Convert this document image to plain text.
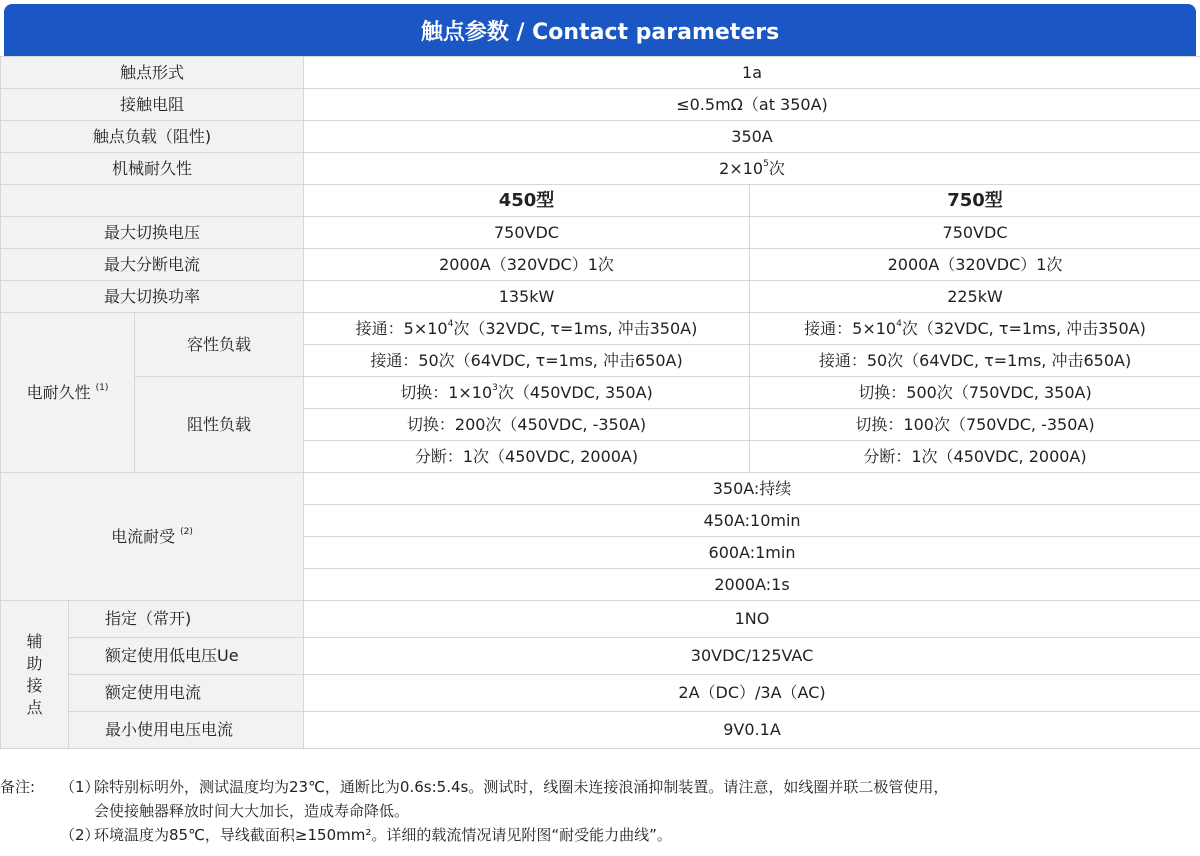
触点参数 / Contact parameters
触点形式			1a	
接触电阻			≤0.5mΩ（at 350A)	
触点负载（阻性)			350A	
机械耐久性			$2\times 10^5$次	
			450型	750型
最大切换电压			750VDC	750VDC
最大分断电流			2000A（320VDC）1次	2000A（320VDC）1次
最大切换功率			135kW	225kW
电耐久性 $^{(1)}$		容性负载	接通：$5\times 10^4$次（32VDC, τ=1ms, 冲击350A)	接通：$5\times 10^4$次（32VDC, τ=1ms, 冲击350A)
			接通：50次（64VDC, τ=1ms, 冲击650A)	接通：50次（64VDC, τ=1ms, 冲击650A)
		阻性负载	切换：$1\times 10^3$次（450VDC, 350A)	切换：500次（750VDC, 350A)
			切换：200次（450VDC, -350A)	切换：100次（750VDC, -350A)
			分断：1次（450VDC, 2000A)	分断：1次（450VDC, 2000A)
电流耐受 $^{(2)}$			350A:持续	
			450A:10min	
			600A:1min	
			2000A:1s	
辅助接点	指定（常开)		1NO	
	额定使用低电压Ue		30VDC/125VAC	
	额定使用电流		2A（DC）/3A（AC)	
	最小使用电压电流		9V0.1A	
备注:	（1）
除特别标明外，测试温度均为23℃，通断比为0.6s:5.4s。测试时，线圈未连接浪涌抑制装置。请注意，如线圈并联二极管使用，
会使接触器释放时间大大加长，造成寿命降低。
（2）
环境温度为85℃，导线截面积≥150mm²。详细的载流情况请见附图“耐受能力曲线”。
